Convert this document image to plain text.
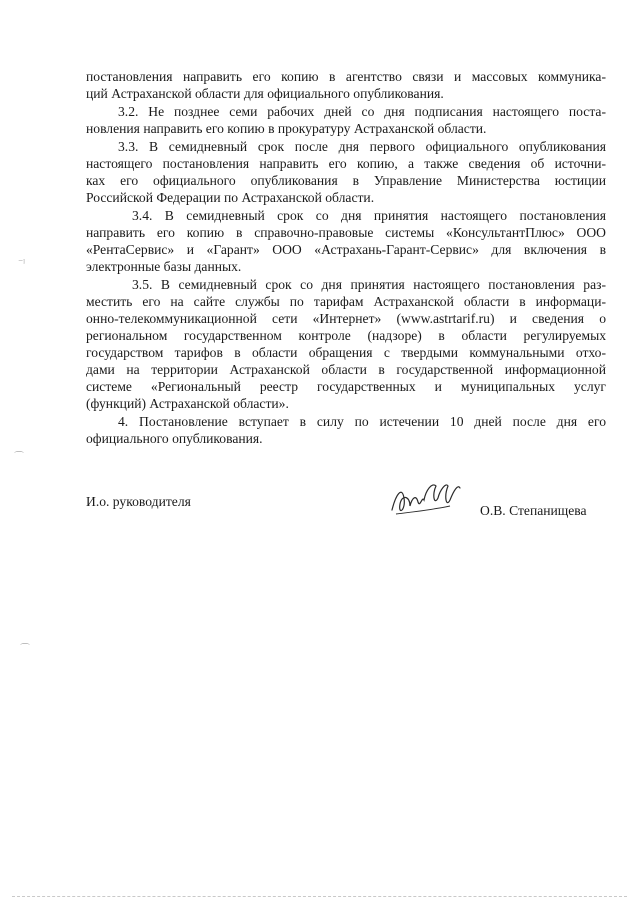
постановления направить его копию в агентство связи и массовых коммуника-
ций Астраханской области для официального опубликования.
3.2. Не позднее семи рабочих дней со дня подписания настоящего поста-
новления направить его копию в прокуратуру Астраханской области.
3.3. В семидневный срок после дня первого официального опубликования
настоящего постановления направить его копию, а также сведения об источни-
ках его официального опубликования в Управление Министерства юстиции
Российской Федерации по Астраханской области.
3.4. В семидневный срок со дня принятия настоящего постановления
направить его копию в справочно-правовые системы «КонсультантПлюс» ООО
«РентаСервис» и «Гарант» ООО «Астрахань-Гарант-Сервис» для включения в
электронные базы данных.
3.5. В семидневный срок со дня принятия настоящего постановления раз-
местить его на сайте службы по тарифам Астраханской области в информаци-
онно-телекоммуникационной сети «Интернет» (www.astrtarif.ru) и сведения о
региональном государственном контроле (надзоре) в области регулируемых
государством тарифов в области обращения с твердыми коммунальными отхо-
дами на территории Астраханской области в государственной информационной
системе «Региональный реестр государственных и муниципальных услуг
(функций) Астраханской области».
4. Постановление вступает в силу по истечении 10 дней после дня его
официального опубликования.
И.о. руководителя
О.В. Степанищева
⁻ˡ
⌒
⌒
